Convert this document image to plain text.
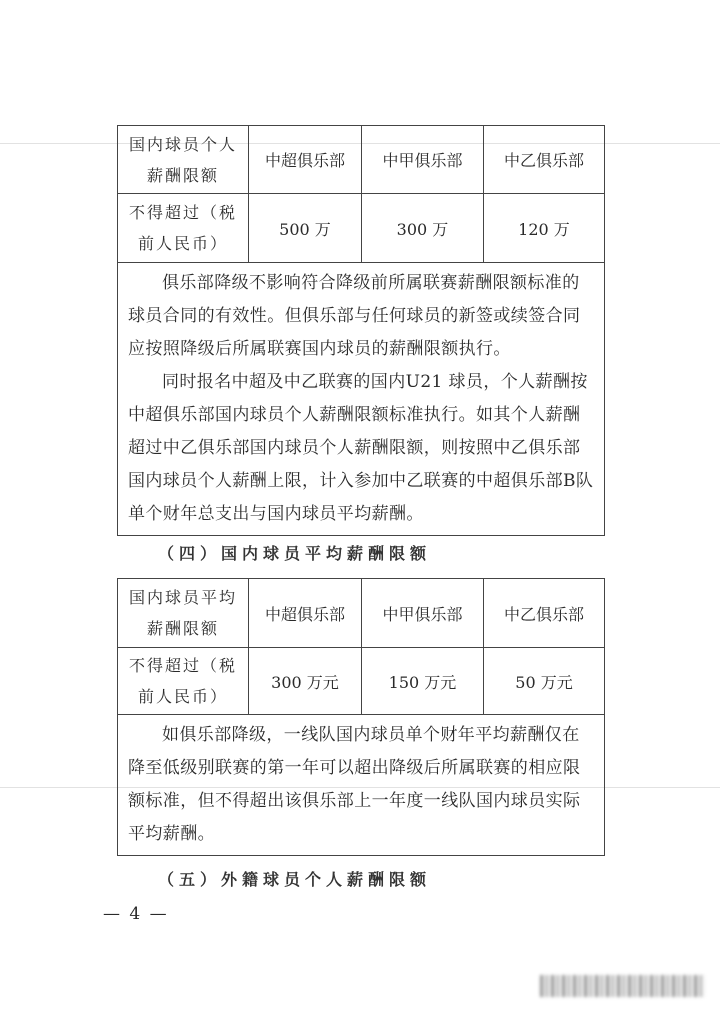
国内球员个人薪酬限额	中超俱乐部	中甲俱乐部	中乙俱乐部
不得超过（税前人民币）	500 万	300 万	120 万

俱乐部降级不影响符合降级前所属联赛薪酬限额标准的球员合同的有效性。但俱乐部与任何球员的新签或续签合同应按照降级后所属联赛国内球员的薪酬限额执行。

同时报名中超及中乙联赛的国内U21 球员，个人薪酬按中超俱乐部国内球员个人薪酬限额标准执行。如其个人薪酬超过中乙俱乐部国内球员个人薪酬限额，则按照中乙俱乐部国内球员个人薪酬上限，计入参加中乙联赛的中超俱乐部B队单个财年总支出与国内球员平均薪酬。			

（四）国内球员平均薪酬限额
国内球员平均薪酬限额	中超俱乐部	中甲俱乐部	中乙俱乐部
不得超过（税前人民币）	300 万元	150 万元	50 万元

如俱乐部降级，一线队国内球员单个财年平均薪酬仅在降至低级别联赛的第一年可以超出降级后所属联赛的相应限额标准，但不得超出该俱乐部上一年度一线队国内球员实际平均薪酬。			

（五）外籍球员个人薪酬限额
— 4 —
